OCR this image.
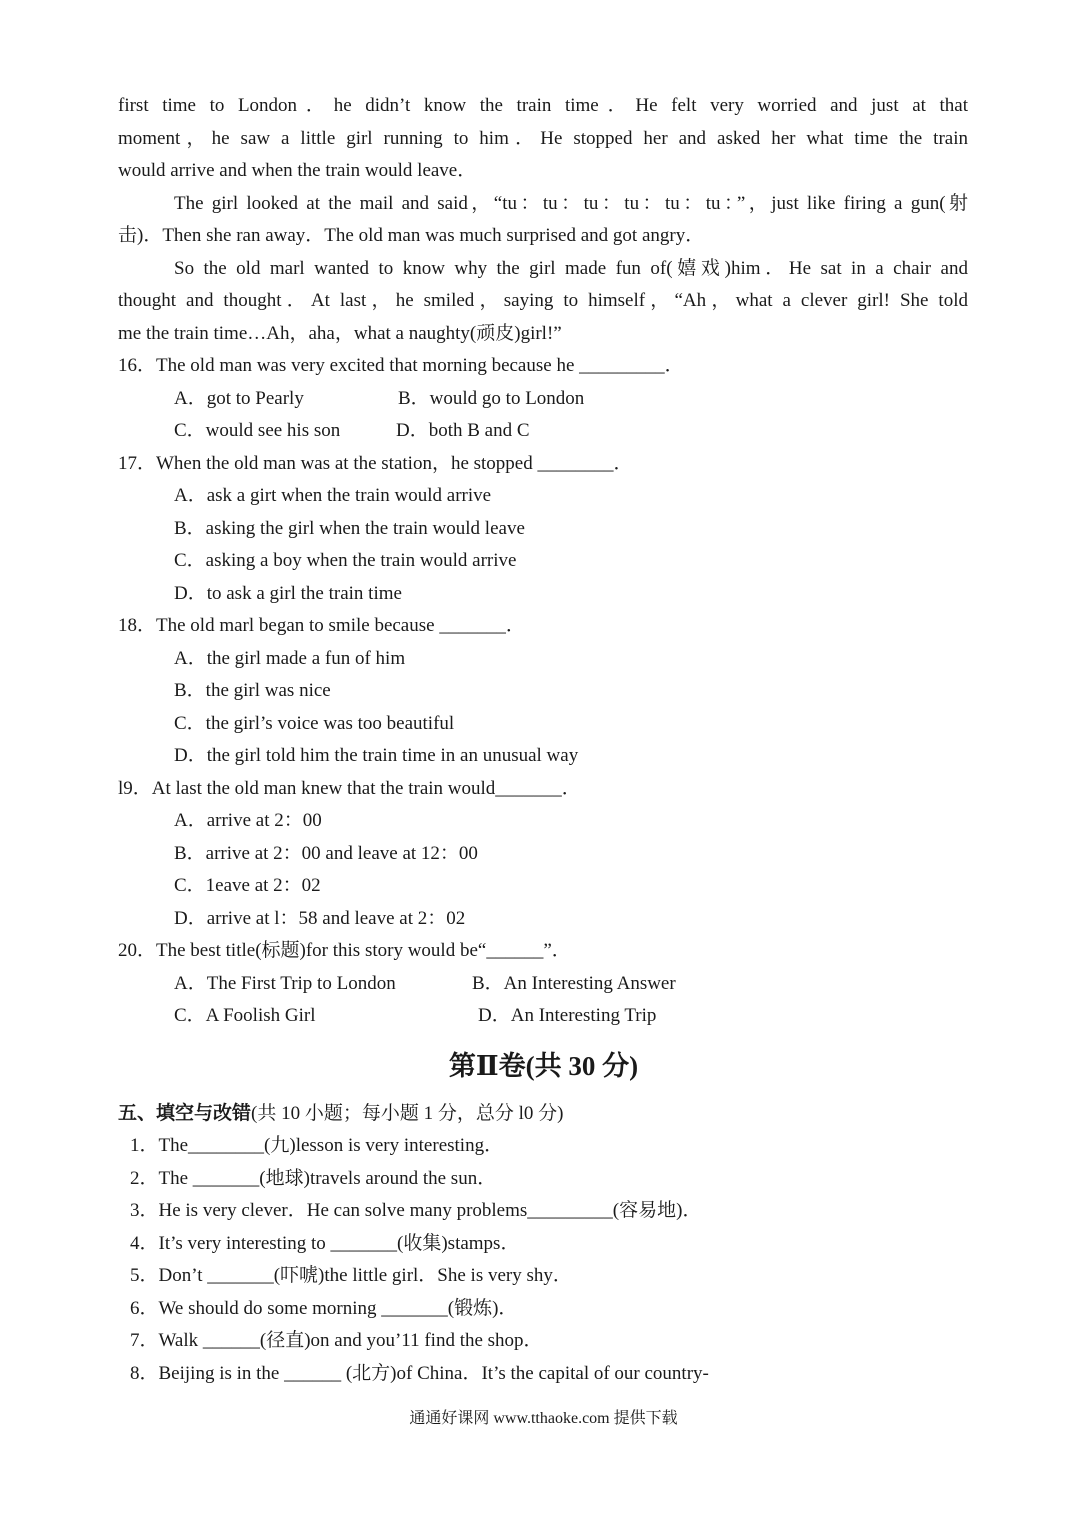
first time to London．he didn’t know the train time．He felt very worried and just at that
moment，he saw a little girl running to him．He stopped her and asked her what time the train
would arrive and when the train would leave．
The girl looked at the mail and said，“tu：tu：tu：tu：tu：tu：”，just like firing a gun(射
击)．Then she ran away．The old man was much surprised and got angry．
So the old marl wanted to know why the girl made fun of(嬉戏)him．He sat in a chair and
thought and thought．At last，he smiled，saying to himself，“Ah，what a clever girl! She told
me the train time…Ah，aha，what a naughty(顽皮)girl!”
16．The old man was very excited that morning because he _________．
A．got to Pearly	B．would go to London
C．would see his son	D．both B and C
17．When the old man was at the station，he stopped ________．
A．ask a girt when the train would arrive
B．asking the girl when the train would leave
C．asking a boy when the train would arrive
D．to ask a girl the train time
18．The old marl began to smile because _______．
A．the girl made a fun of him
B．the girl was nice
C．the girl’s voice was too beautiful
D．the girl told him the train time in an unusual way
l9．At last the old man knew that the train would_______．
A．arrive at 2：00
B．arrive at 2：00 and leave at 12：00
C．1eave at 2：02
D．arrive at l：58 and leave at 2：02
20．The best title(标题)for this story would be“______”．
A．The First Trip to London	B．An Interesting Answer
C．A Foolish Girl	D．An Interesting Trip
第Ⅱ卷(共 30 分)
五、填空与改错(共 10 小题；每小题 1 分，总分 l0 分)
1．The________(九)lesson is very interesting．
2．The _______(地球)travels around the sun．
3．He is very clever．He can solve many problems_________(容易地)．
4．It’s very interesting to _______(收集)stamps．
5．Don’t _______(吓唬)the little girl．She is very shy．
6．We should do some morning _______(锻炼)．
7．Walk ______(径直)on and you’11 find the shop．
8．Beijing is in the ______ (北方)of China．It’s the capital of our country-
通通好课网 www.tthaoke.com 提供下载
